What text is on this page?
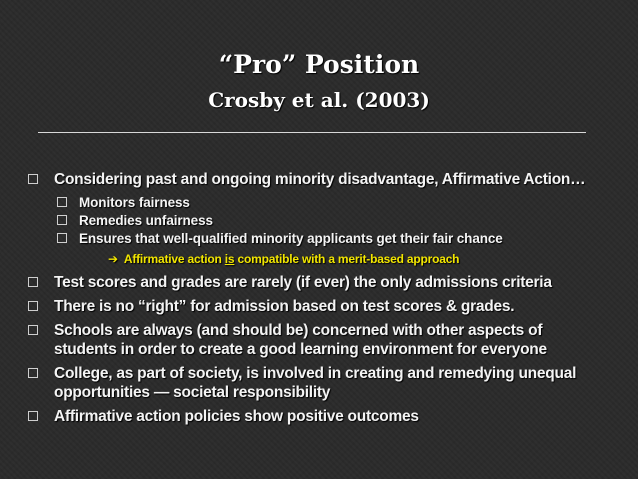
“Pro” Position
Crosby et al. (2003)
Considering past and ongoing minority disadvantage, Affirmative Action…
Monitors fairness
Remedies unfairness
Ensures that well-qualified minority applicants get their fair chance
➔ Affirmative action is compatible with a merit-based approach
Test scores and grades are rarely (if ever) the only admissions criteria
There is no “right” for admission based on test scores & grades.
Schools are always (and should be) concerned with other aspects of
students in order to create a good learning environment for everyone
College, as part of society, is involved in creating and remedying unequal
opportunities — societal responsibility
Affirmative action policies show positive outcomes
